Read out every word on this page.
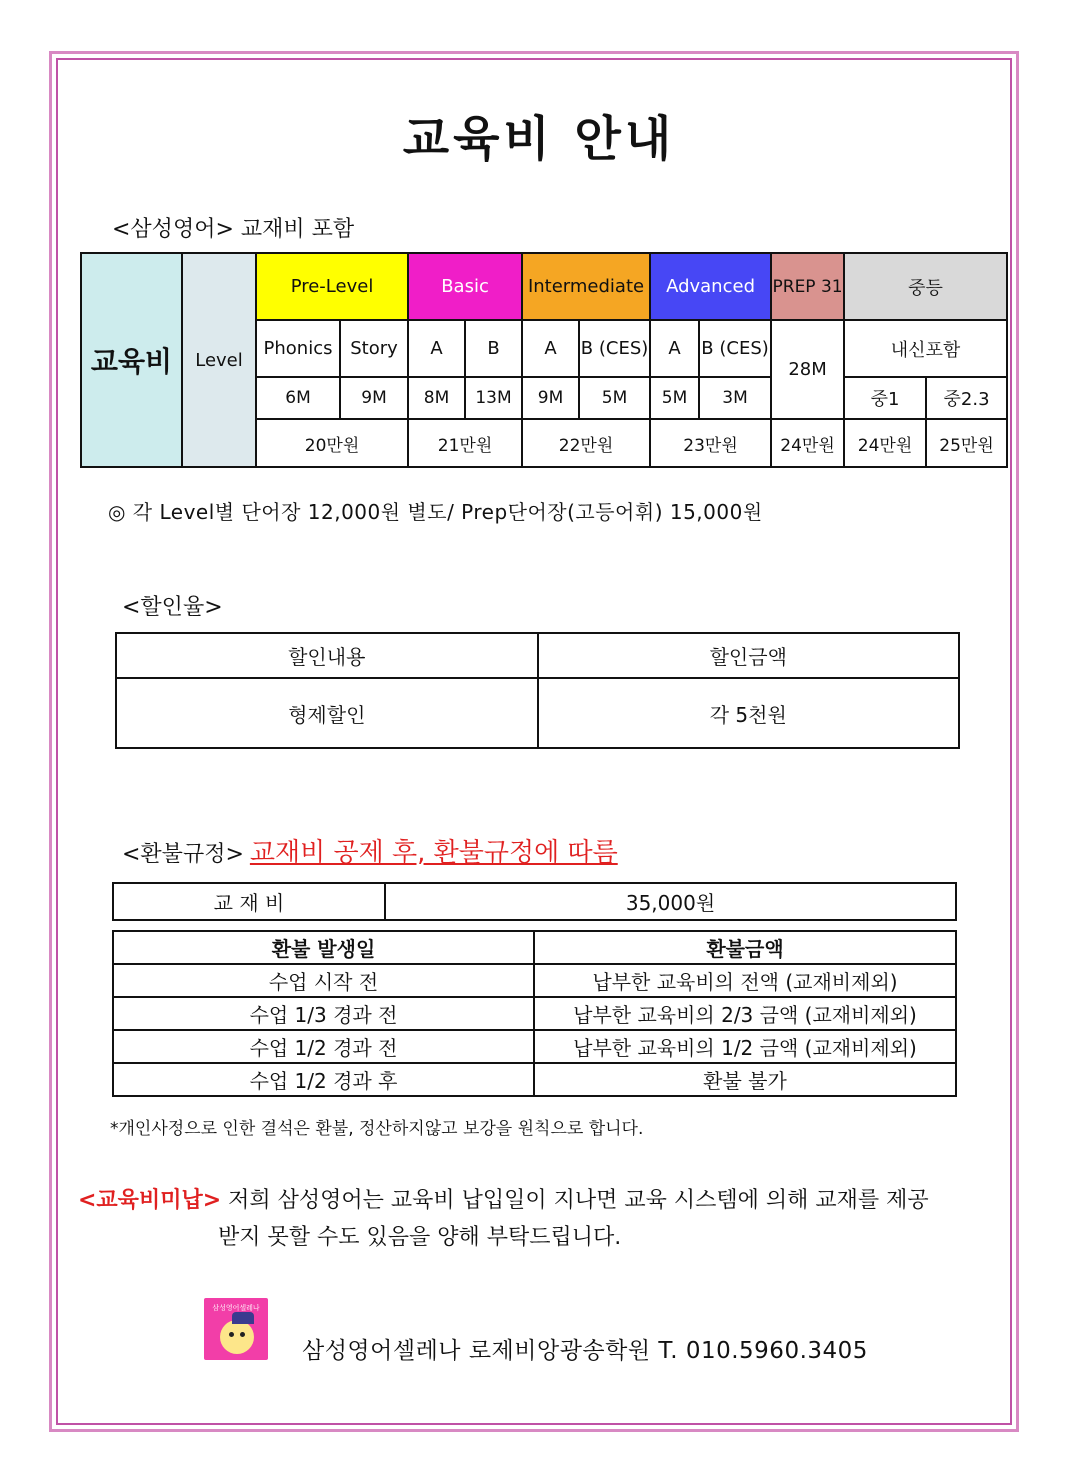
교육비 안내
<삼성영어> 교재비 포함
교육비	Level	Pre-Level		Basic		Intermediate		Advanced		PREP 31	중등	
		Phonics	Story	A	B	A	B (CES)	A	B (CES)	28M	내신포함	
		6M	9M	8M	13M	9M	5M	5M	3M		중1	중2.3
		20만원		21만원		22만원		23만원		24만원	24만원	25만원
◎ 각 Level별 단어장 12,000원 별도/ Prep단어장(고등어휘) 15,000원
<할인율>
할인내용	할인금액
형제할인	각 5천원
<환불규정> 교재비 공제 후, 환불규정에 따름
교 재 비	35,000원
환불 발생일	환불금액
수업 시작 전	납부한 교육비의 전액 (교재비제외)
수업 1/3 경과 전	납부한 교육비의 2/3 금액 (교재비제외)
수업 1/2 경과 전	납부한 교육비의 1/2 금액 (교재비제외)
수업 1/2 경과 후	환불 불가
*개인사정으로 인한 결석은 환불, 정산하지않고 보강을 원칙으로 합니다.
<교육비미납> 저희 삼성영어는 교육비 납입일이 지나면 교육 시스템에 의해 교재를 제공
받지 못할 수도 있음을 양해 부탁드립니다.
삼성영어셀레나
삼성영어셀레나 로제비앙광송학원 T. 010.5960.3405
